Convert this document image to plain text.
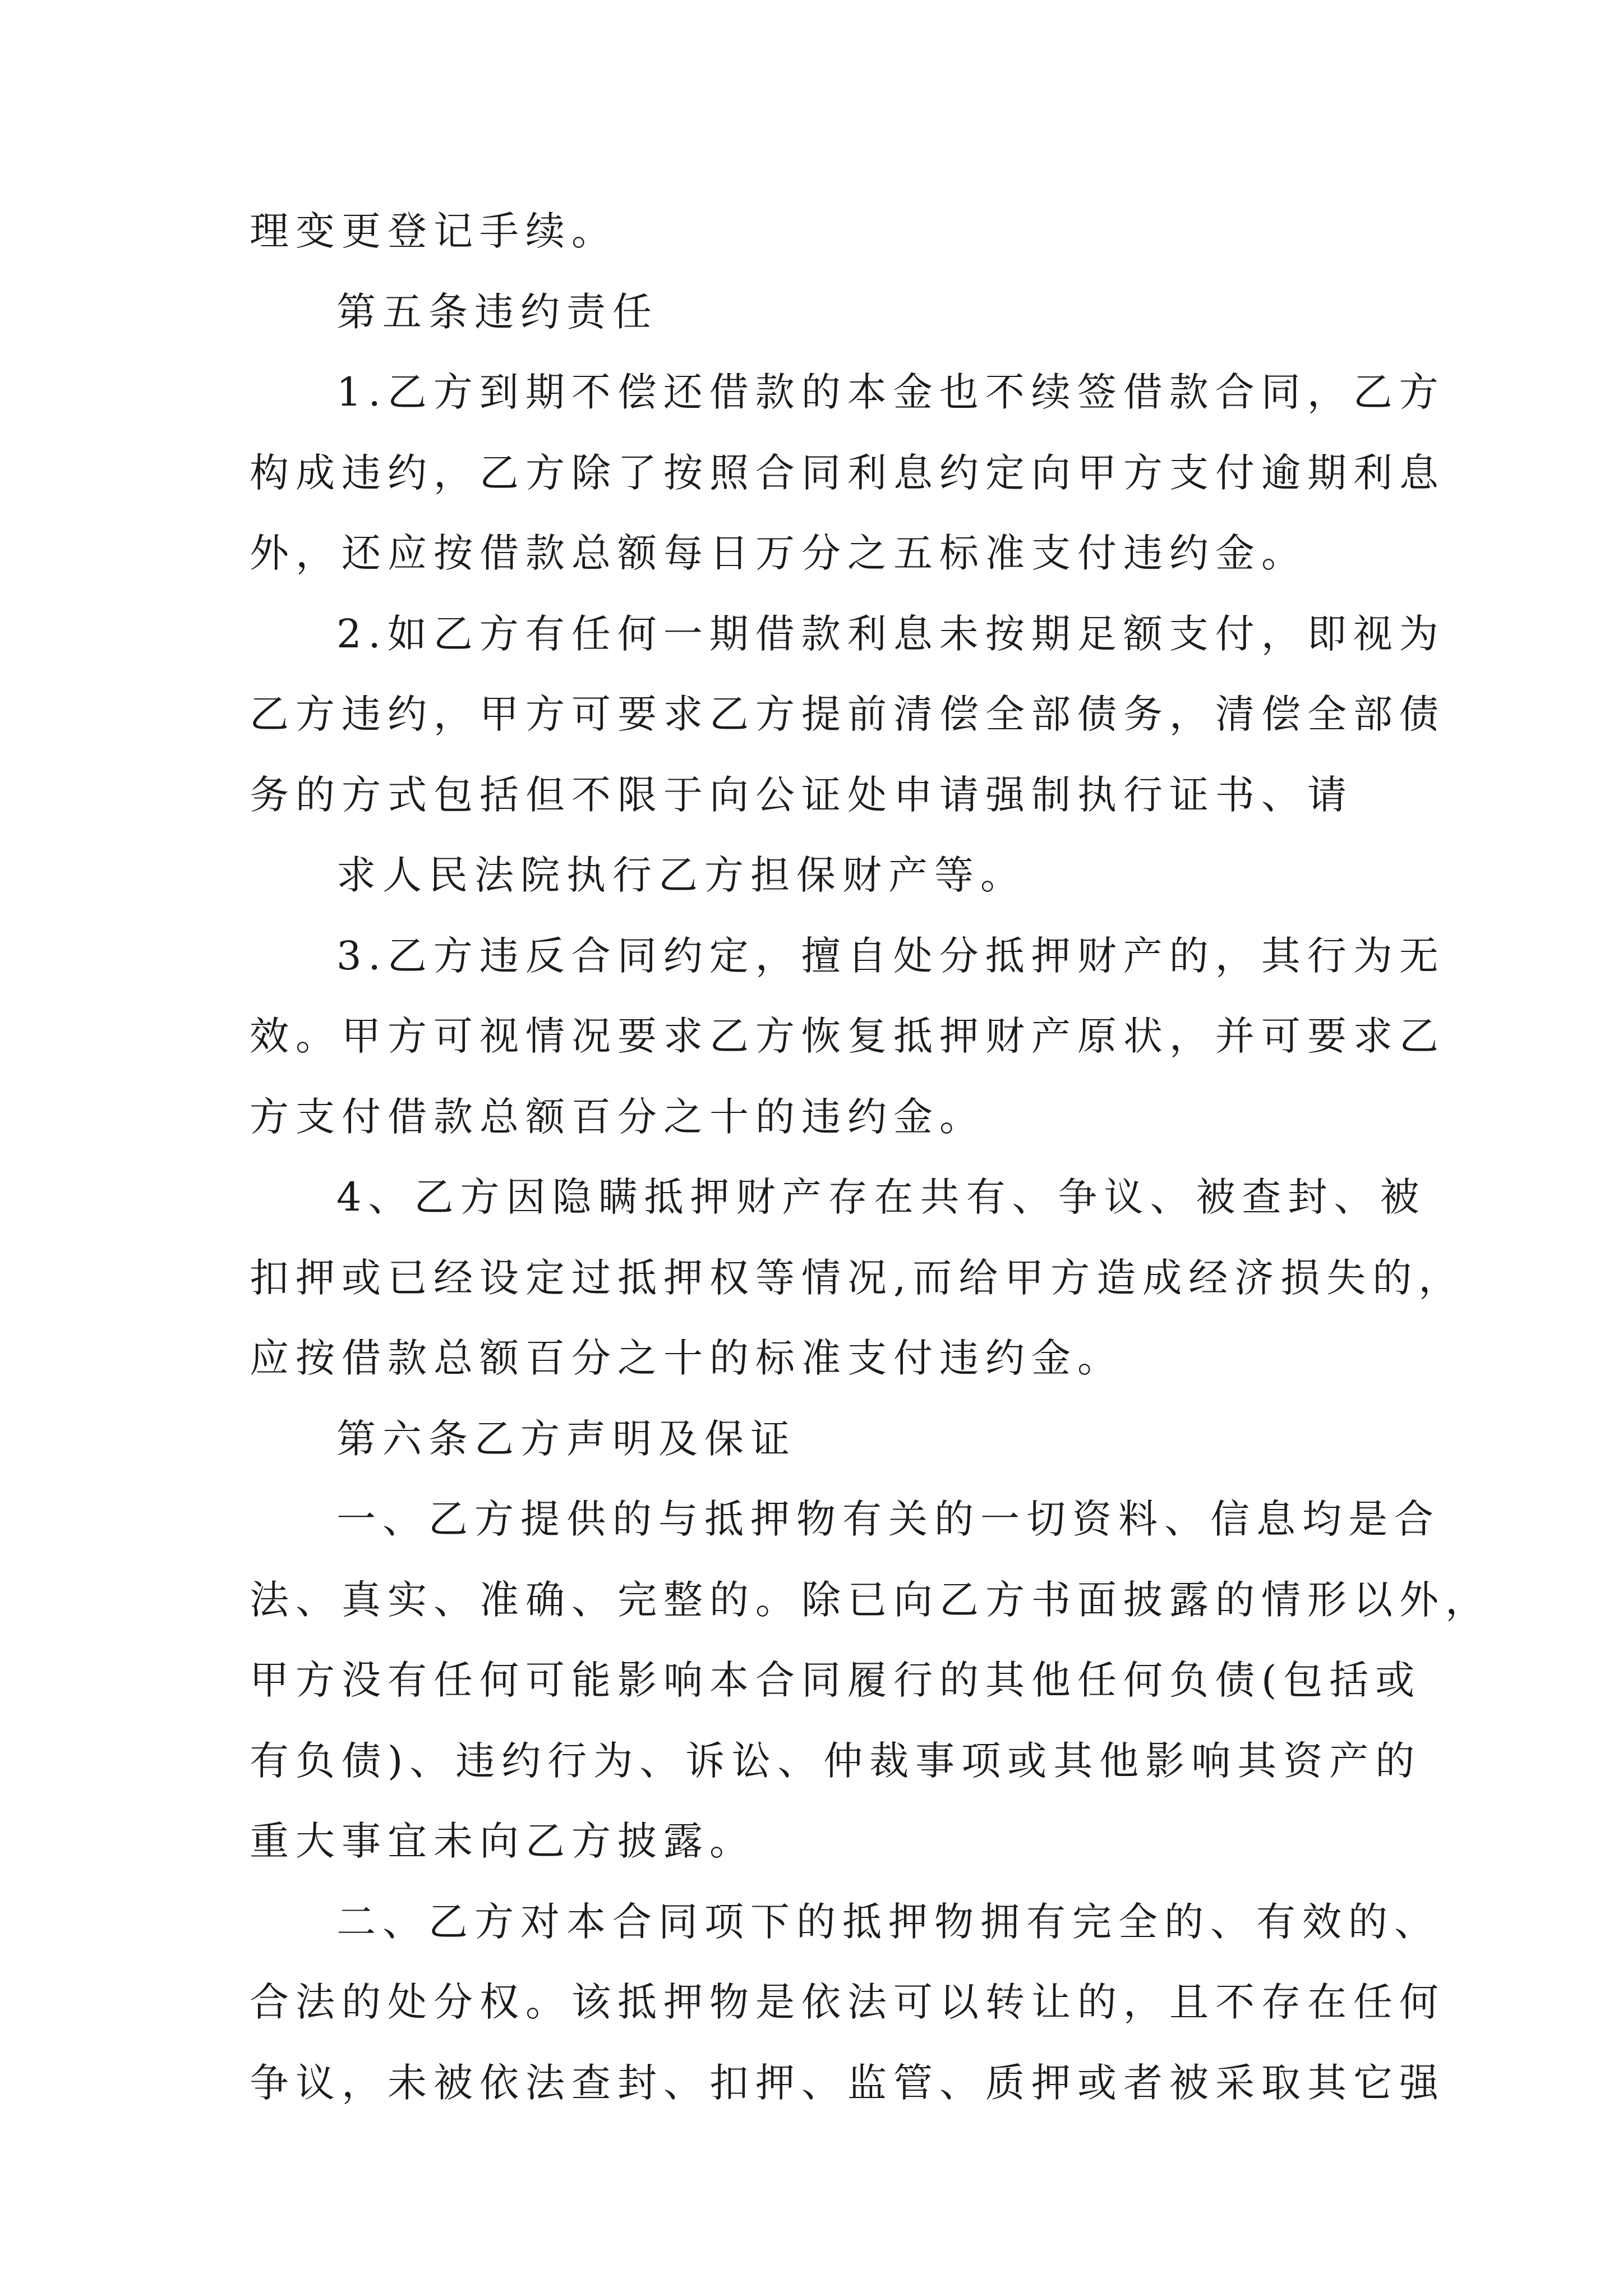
理变更登记手续。
第五条违约责任
1.乙方到期不偿还借款的本金也不续签借款合同，乙方
构成违约，乙方除了按照合同利息约定向甲方支付逾期利息
外，还应按借款总额每日万分之五标准支付违约金。
2.如乙方有任何一期借款利息未按期足额支付，即视为
乙方违约，甲方可要求乙方提前清偿全部债务，清偿全部债
务的方式包括但不限于向公证处申请强制执行证书、请
求人民法院执行乙方担保财产等。
3.乙方违反合同约定，擅自处分抵押财产的，其行为无
效。甲方可视情况要求乙方恢复抵押财产原状，并可要求乙
方支付借款总额百分之十的违约金。
4、乙方因隐瞒抵押财产存在共有、争议、被查封、被
扣押或已经设定过抵押权等情况,而给甲方造成经济损失的，
应按借款总额百分之十的标准支付违约金。
第六条乙方声明及保证
一、乙方提供的与抵押物有关的一切资料、信息均是合
法、真实、准确、完整的。除已向乙方书面披露的情形以外，
甲方没有任何可能影响本合同履行的其他任何负债(包括或
有负债)、违约行为、诉讼、仲裁事项或其他影响其资产的
重大事宜未向乙方披露。
二、乙方对本合同项下的抵押物拥有完全的、有效的、
合法的处分权。该抵押物是依法可以转让的，且不存在任何
争议，未被依法查封、扣押、监管、质押或者被采取其它强
